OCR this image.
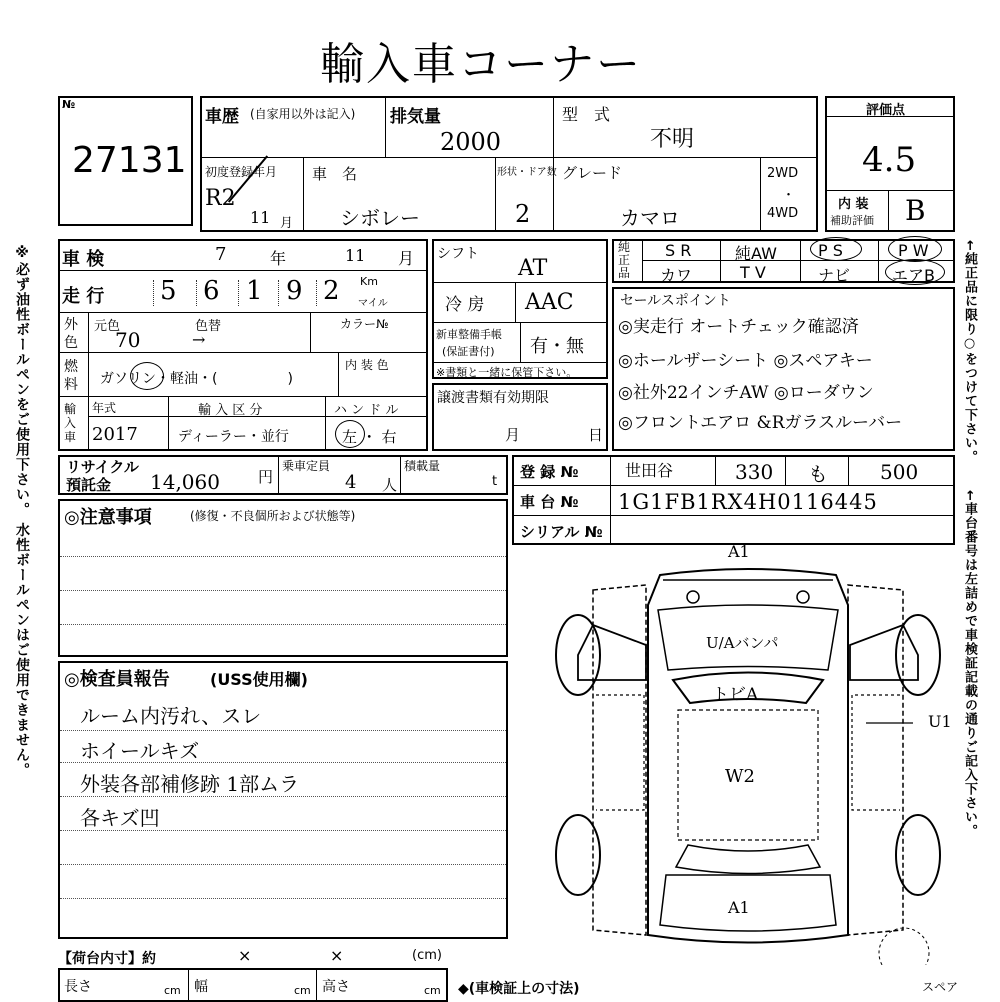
輸入車コーナー
※必ず油性ボールペンをご使用下さい。 水性ボールペンはご使用できません。	←純正品に限り○をつけて下さい。
←車台番号は左詰めで車検証記載の通りご記入下さい。
№
27131
車歴 (自家用以外は記入) 排気量
2000
型　式
不明
初度登録年月
R2
11 月
車　名
シボレー
形状・ドア数
2
グレード
カマロ
2WD
・
4WD
評価点
4.5
内 装
補助評価 B
車 検	7	年	11 月
走 行 5 6 1 9 2 Km
マイル
外色
元色
70
色替
→
カラー№
燃料 ガソリン・軽油・(　　　　　)
内 装 色
輸入車
年式
2017
輸 入 区 分
ディーラー・並行
ハ ン ド ル
左 ・ 右
シフト
AT
冷 房 AAC
新車整備手帳
(保証書付) 有・無
※書類と一緒に保管下さい。
譲渡書類有効期限
月	日
純正品
S R	純AW	P S	P W
カワ	T V	ナビ	エアB
セールスポイント
◎実走行 オートチェック確認済
◎ホールザーシート ◎スペアキー
◎社外22インチAW ◎ローダウン
◎フロントエアロ &Rガラスルーバー
リサイクル
預託金 14,060	円
乗車定員
4 人
積載量
t
登 録 №	世田谷	330 も	500
車 台 № 1G1FB1RX4H0116445
シリアル №
◎注意事項	(修復・不良個所および状態等)
◎検査員報告	(USS使用欄)
ルーム内汚れ、スレ
ホイールキズ
外装各部補修跡 1部ムラ
各キズ凹
A1
U/Aバンパ
トビA
W2
U1
A1
スペア
【荷台内寸】約	×	×	(cm)
長さ	cm 幅	cm 高さ	cm ◆(車検証上の寸法)
